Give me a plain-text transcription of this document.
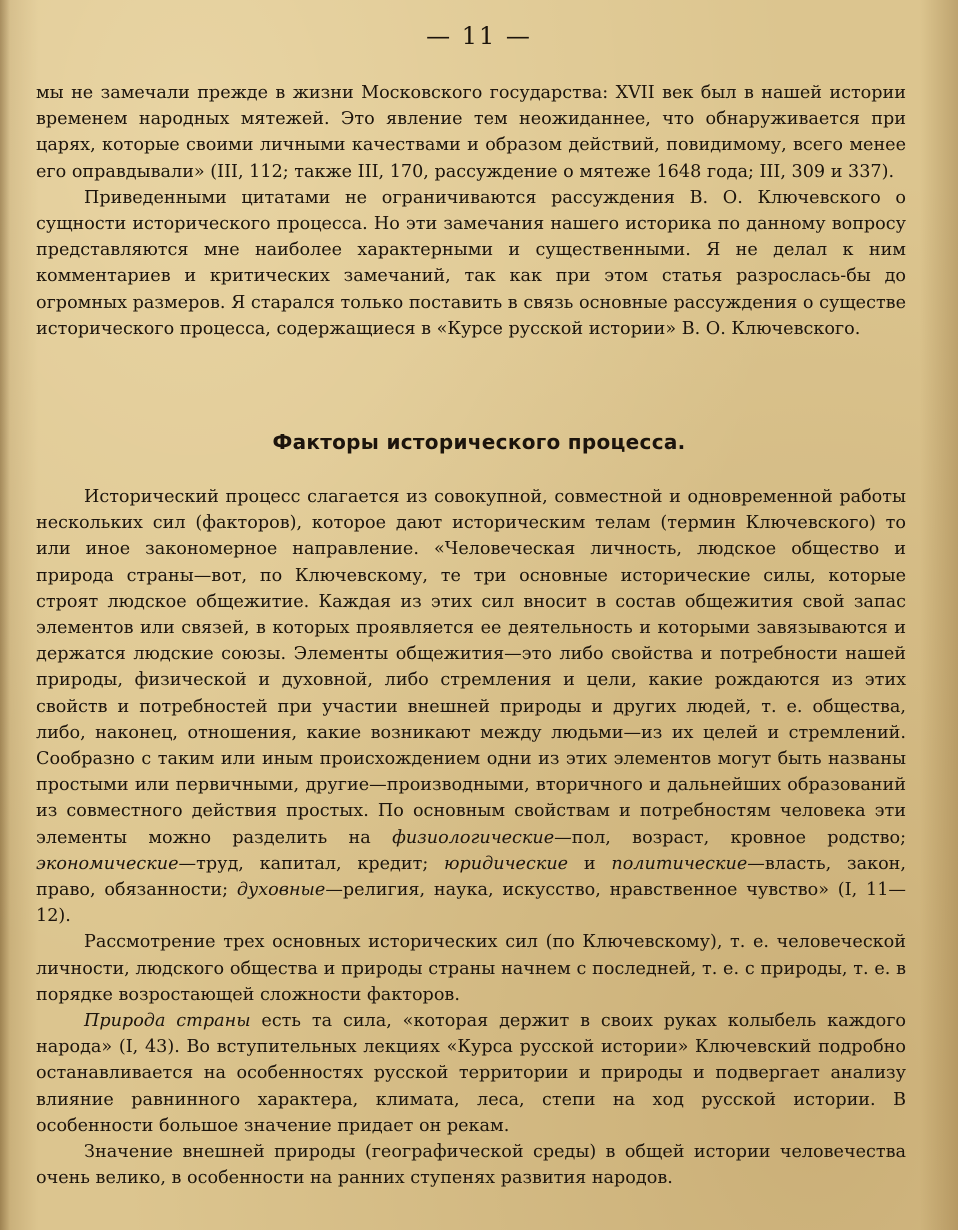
— 11 —

мы не замечали прежде в жизни Московского государства: XVII век был в нашей истории временем народных мятежей. Это явление тем неожиданнее, что обнаруживается при царях, которые своими личными качествами и образом действий, повидимому, всего менее его оправдывали» (III, 112; также III, 170, рассуждение о мятеже 1648 года; III, 309 и 337).

Приведенными цитатами не ограничиваются рассуждения В. О. Ключевского о сущности исторического процесса. Но эти замечания нашего историка по данному вопросу представляются мне наиболее характерными и существенными. Я не делал к ним комментариев и критических замечаний, так как при этом статья разрослась-бы до огромных размеров. Я старался только поставить в связь основные рассуждения о существе исторического процесса, содержащиеся в «Курсе русской истории» В. О. Ключевского.

Факторы исторического процесса.

Исторический процесс слагается из совокупной, совместной и одновременной работы нескольких сил (факторов), которое дают историческим телам (термин Ключевского) то или иное закономерное направление. «Человеческая личность, людское общество и природа страны—вот, по Ключевскому, те три основные исторические силы, которые строят людское общежитие. Каждая из этих сил вносит в состав общежития свой запас элементов или связей, в которых проявляется ее деятельность и которыми завязываются и держатся людские союзы. Элементы общежития—это либо свойства и потребности нашей природы, физической и духовной, либо стремления и цели, какие рождаются из этих свойств и потребностей при участии внешней природы и других людей, т. е. общества, либо, наконец, отношения, какие возникают между людьми—из их целей и стремлений. Сообразно с таким или иным происхождением одни из этих элементов могут быть названы простыми или первичными, другие—производными, вторичного и дальнейших образований из совместного действия простых. По основным свойствам и потребностям человека эти элементы можно разделить на физиологические—пол, возраст, кровное родство; экономические—труд, капитал, кредит; юридические и политические—власть, закон, право, обязанности; духовные—религия, наука, искусство, нравственное чувство» (I, 11—12).

Рассмотрение трех основных исторических сил (по Ключевскому), т. е. человеческой личности, людского общества и природы страны начнем с последней, т. е. с природы, т. е. в порядке возростающей сложности факторов.

Природа страны есть та сила, «которая держит в своих руках колыбель каждого народа» (I, 43). Во вступительных лекциях «Курса русской истории» Ключевский подробно останавливается на особенностях русской территории и природы и подвергает анализу влияние равнинного характера, климата, леса, степи на ход русской истории. В особенности большое значение придает он рекам.

Значение внешней природы (географической среды) в общей истории человечества очень велико, в особенности на ранних ступенях развития народов.
